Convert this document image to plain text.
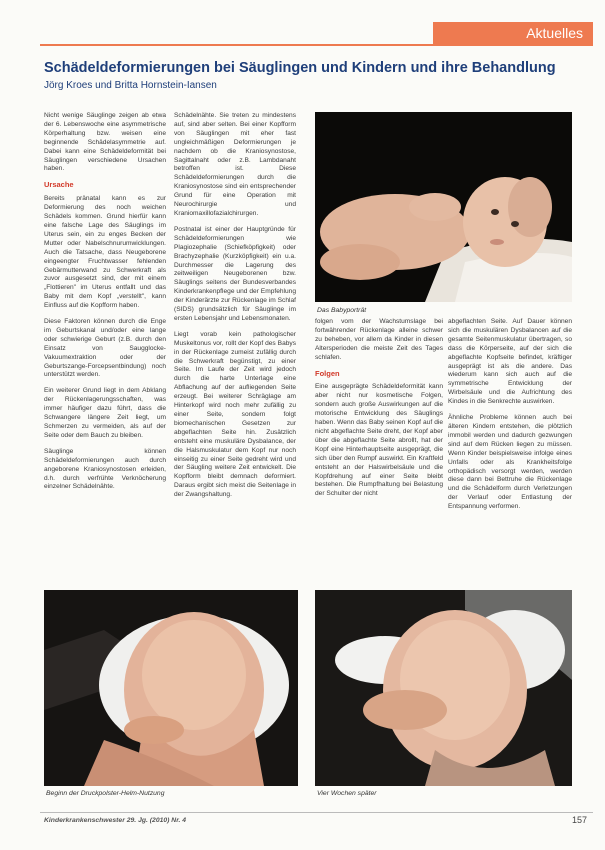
Aktuelles
Schädeldeformierungen bei Säuglingen und Kindern und ihre Behandlung
Jörg Kroes und Britta Hornstein-Iansen

Nicht wenige Säuglinge zeigen ab etwa der 6. Lebenswoche eine asymmetrische Körperhaltung bzw. weisen eine beginnende Schädelasymmetrie auf. Dabei kann eine Schädeldeformität bei Säuglingen verschiedene Ursachen haben.

Ursache

Bereits pränatal kann es zur Deformierung des noch weichen Schädels kommen. Grund hierfür kann eine falsche Lage des Säuglings im Uterus sein, ein zu enges Becken der Mutter oder Nabelschnurumwicklungen. Auch die Tatsache, dass Neugeborene eingeengter Fruchtwasser fehlenden Gebärmutterwand zu Schwerkraft als zuvor ausgesetzt sind, der mit einem „Flottieren" im Uterus entfallt und das Baby mit dem Kopf „verstellt", kann Einfluss auf die Kopfform haben.

Diese Faktoren können durch die Enge im Geburtskanal und/oder eine lange oder schwierige Geburt (z.B. durch den Einsatz von Saugglocke-Vakuumextraktion oder der Geburtszange-Forcepsentbindung) noch unterstützt werden.

Ein weiterer Grund liegt in dem Abklang der Rückenlagerungsschaften, was immer häufiger dazu führt, dass die Schwangere längere Zeit liegt, um Schmerzen zu vermeiden, als auf der Seite oder dem Bauch zu bleiben.

Säuglinge können Schädeldeformierungen auch durch angeborene Kraniosynostosen erleiden, d.h. durch verfrühte Verknöcherung einzelner Schädelnähte.

Schädelnähte. Sie treten zu mindestens auf, sind aber selten. Bei einer Kopfform von Säuglingen mit eher fast ungleichmäßigen Deformierungen je nachdem ob die Kraniosynostose, Sagittalnaht oder z.B. Lambdanaht betroffen ist. Diese Schädeldeformierungen durch die Kraniosynostose sind ein entsprechender Grund für eine Operation mit Neurochirurgie und Kraniomaxillofazialchirurgen.

Postnatal ist einer der Hauptgründe für Schädeldeformierungen wie Plagiozephalie (Schiefköpfigkeit) oder Brachyzephalie (Kurzköpfigkeit) ein u.a. Durchmesser die Lagerung des zeitweiligen Neugeborenen bzw. Säuglings seitens der Bundesverbandes Kinderkrankenpflege und der Empfehlung der Kinderärzte zur Rückenlage im Schlaf (SIDS) grundsätzlich für Säuglinge im ersten Lebensjahr und Lebensmonaten.

Liegt vorab kein pathologischer Muskeltonus vor, rollt der Kopf des Babys in der Rückenlage zumeist zufällig durch die Schwerkraft begünstigt, zu einer Seite. Im Laufe der Zeit wird jedoch durch die harte Unterlage eine Abflachung auf der aufliegenden Seite erzeugt. Bei weiterer Schräglage am Hinterkopf wird noch mehr zufällig zu einer Seite, sondern folgt biomechanischen Gesetzen zur abgeflachten Seite hin. Zusätzlich entsteht eine muskuläre Dysbalance, der die Halsmuskulatur dem Kopf nur noch einseitig zu einer Seite gedreht wird und der Säugling weitere Zeit entwickelt. Die Kopfform bleibt demnach deformiert. Daraus ergibt sich meist die Seitenlage in der Zwangshaltung.

Das Babyporträt

folgen vom der Wachstumslage bei fortwährender Rückenlage alleine schwer zu beheben, vor allem da Kinder in diesen Altersperioden die meiste Zeit des Tages schlafen.

Folgen

Eine ausgeprägte Schädeldeformität kann aber nicht nur kosmetische Folgen, sondern auch große Auswirkungen auf die motorische Entwicklung des Säuglings haben. Wenn das Baby seinen Kopf auf die nicht abgeflachte Seite dreht, der Kopf aber über die abgeflachte Seite abrollt, hat der Kopf eine Hinterhauptseite ausgeprägt, die sich über den Rumpf auswirkt. Ein Kraftfeld entsteht an der Halswirbelsäule und die Kopfdrehung auf einer Seite bleibt bestehen. Die Rumpfhaltung bei Belastung der Schulter der nicht

abgeflachten Seite. Auf Dauer können sich die muskulären Dysbalancen auf die gesamte Seitenmuskulatur übertragen, so dass die Körperseite, auf der sich die abgeflachte Kopfseite befindet, kräftiger ausgeprägt ist als die andere. Das wiederum kann sich auch auf die symmetrische Entwicklung der Wirbelsäule und die Aufrichtung des Kindes in die Senkrechte auswirken.

Ähnliche Probleme können auch bei älteren Kindern entstehen, die plötzlich immobil werden und dadurch gezwungen sind auf dem Rücken liegen zu müssen. Wenn Kinder beispielsweise infolge eines Unfalls oder als Krankheitsfolge orthopädisch versorgt werden, werden diese dann bei Bettruhe die Rückenlage und die Schädelform durch Verletzungen der Verlauf oder Entlastung der Entspannung verformen.

Beginn der Druckpolster-Helm-Nutzung	Vier Wochen später
Kinderkrankenschwester 29. Jg. (2010) Nr. 4	157
